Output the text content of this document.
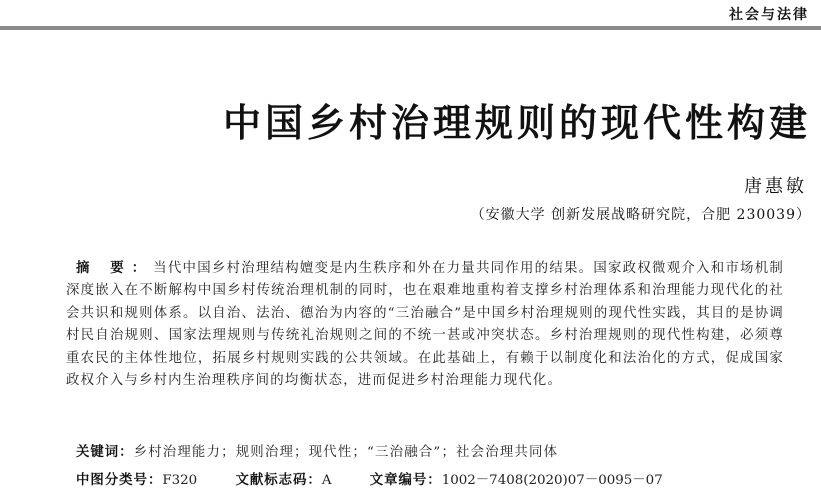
社会与法律
中国乡村治理规则的现代性构建
唐惠敏
（安徽大学 创新发展战略研究院，合肥 230039）
摘 要：当代中国乡村治理结构嬗变是内生秩序和外在力量共同作用的结果。国家政权微观介入和市场机制深度嵌入在不断解构中国乡村传统治理机制的同时，也在艰难地重构着支撑乡村治理体系和治理能力现代化的社会共识和规则体系。以自治、法治、德治为内容的“三治融合”是中国乡村治理规则的现代性实践，其目的是协调村民自治规则、国家法理规则与传统礼治规则之间的不统一甚或冲突状态。乡村治理规则的现代性构建，必须尊重农民的主体性地位，拓展乡村规则实践的公共领域。在此基础上，有赖于以制度化和法治化的方式，促成国家政权介入与乡村内生治理秩序间的均衡状态，进而促进乡村治理能力现代化。
关键词：乡村治理能力；规则治理；现代性；“三治融合”；社会治理共同体
中图分类号：F320	文献标志码：A	文章编号：1002－7408(2020)07－0095－07
